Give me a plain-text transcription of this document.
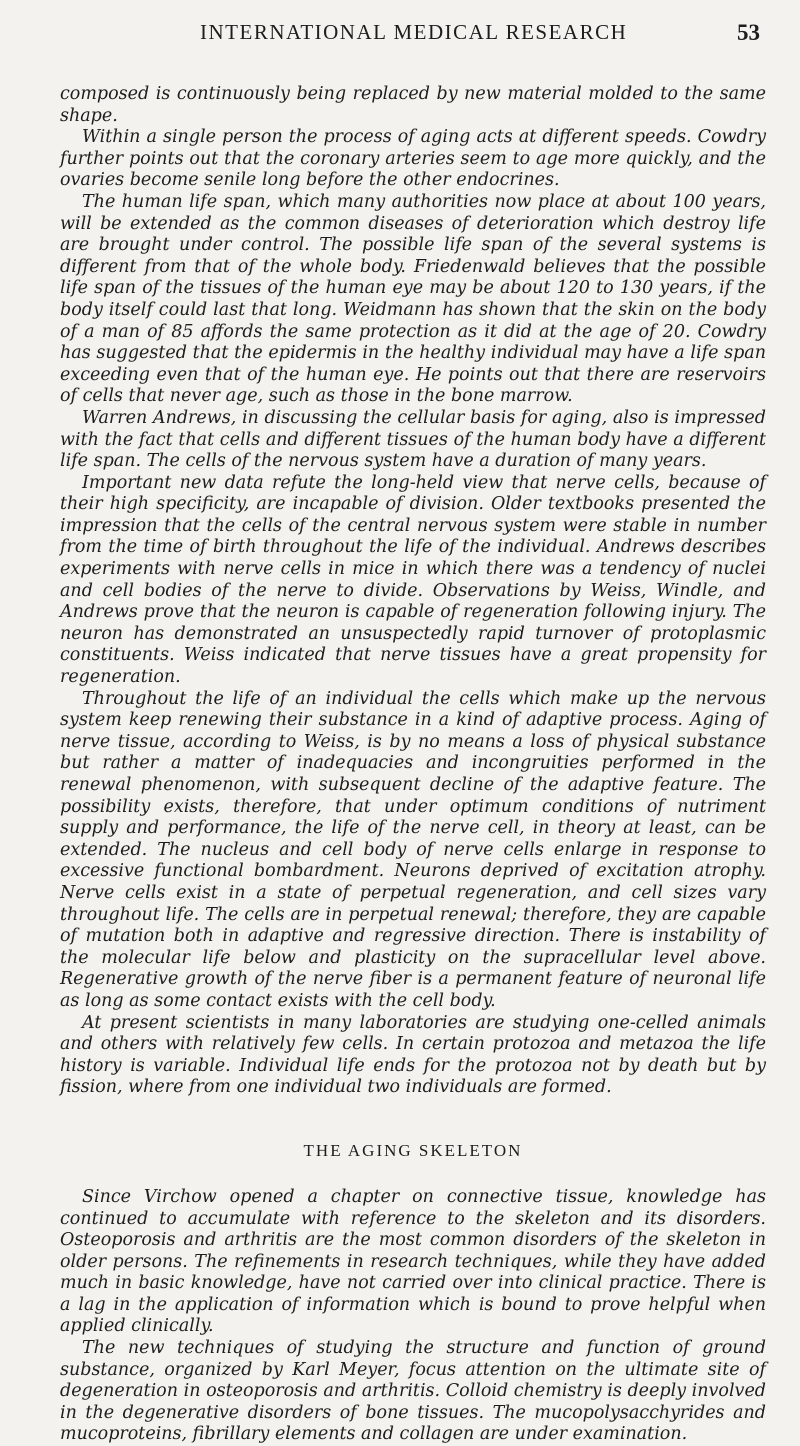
INTERNATIONAL MEDICAL RESEARCH	53

composed is continuously being replaced by new material molded to the same shape.

Within a single person the process of aging acts at different speeds. Cowdry further points out that the coronary arteries seem to age more quickly, and the ovaries become senile long before the other endocrines.

The human life span, which many authorities now place at about 100 years, will be extended as the common diseases of deterioration which destroy life are brought under control. The possible life span of the several systems is different from that of the whole body. Friedenwald believes that the possible life span of the tissues of the human eye may be about 120 to 130 years, if the body itself could last that long. Weidmann has shown that the skin on the body of a man of 85 affords the same protection as it did at the age of 20. Cowdry has suggested that the epidermis in the healthy individual may have a life span exceeding even that of the human eye. He points out that there are reservoirs of cells that never age, such as those in the bone marrow.

Warren Andrews, in discussing the cellular basis for aging, also is impressed with the fact that cells and different tissues of the human body have a different life span. The cells of the nervous system have a duration of many years.

Important new data refute the long-held view that nerve cells, because of their high specificity, are incapable of division. Older textbooks presented the impression that the cells of the central nervous system were stable in number from the time of birth throughout the life of the individual. Andrews describes experiments with nerve cells in mice in which there was a tendency of nuclei and cell bodies of the nerve to divide. Observations by Weiss, Windle, and Andrews prove that the neuron is capable of regeneration following injury. The neuron has demonstrated an unsuspectedly rapid turnover of protoplasmic constituents. Weiss indicated that nerve tissues have a great propensity for regeneration.

Throughout the life of an individual the cells which make up the nervous system keep renewing their substance in a kind of adaptive process. Aging of nerve tissue, according to Weiss, is by no means a loss of physical substance but rather a matter of inadequacies and incongruities performed in the renewal phenomenon, with subsequent decline of the adaptive feature. The possibility exists, therefore, that under optimum conditions of nutriment supply and performance, the life of the nerve cell, in theory at least, can be extended. The nucleus and cell body of nerve cells enlarge in response to excessive functional bombardment. Neurons deprived of excitation atrophy. Nerve cells exist in a state of perpetual regeneration, and cell sizes vary throughout life. The cells are in perpetual renewal; therefore, they are capable of mutation both in adaptive and regressive direction. There is instability of the molecular life below and plasticity on the supracellular level above. Regenerative growth of the nerve fiber is a permanent feature of neuronal life as long as some contact exists with the cell body.

At present scientists in many laboratories are studying one-celled animals and others with relatively few cells. In certain protozoa and metazoa the life history is variable. Individual life ends for the protozoa not by death but by fission, where from one individual two individuals are formed.

THE AGING SKELETON

Since Virchow opened a chapter on connective tissue, knowledge has continued to accumulate with reference to the skeleton and its disorders. Osteoporosis and arthritis are the most common disorders of the skeleton in older persons. The refinements in research techniques, while they have added much in basic knowledge, have not carried over into clinical practice. There is a lag in the application of information which is bound to prove helpful when applied clinically.

The new techniques of studying the structure and function of ground substance, organized by Karl Meyer, focus attention on the ultimate site of degeneration in osteoporosis and arthritis. Colloid chemistry is deeply involved in the degenerative disorders of bone tissues. The mucopolysacchyrides and mucoproteins, fibrillary elements and collagen are under examination.
